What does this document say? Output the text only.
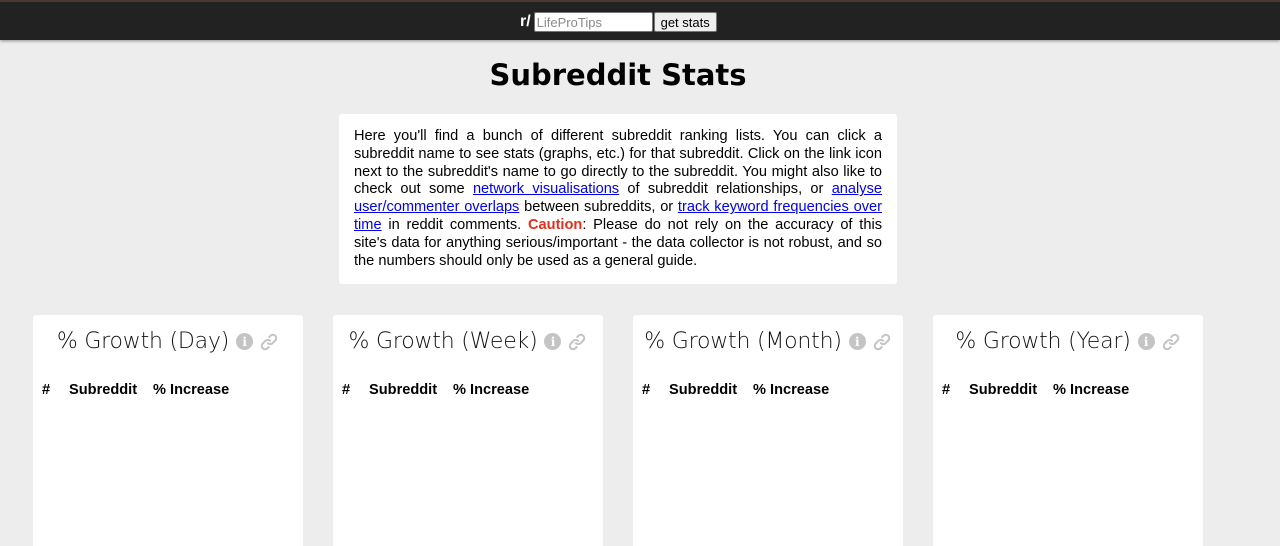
r/
LifeProTips	get stats
Subreddit Stats
Here you'll find a bunch of different subreddit ranking lists. You can click a subreddit name to see stats (graphs, etc.) for that subreddit. Click on the link icon next to the subreddit's name to go directly to the subreddit. You might also like to check out some network visualisations of subreddit relationships, or analyse user/commenter overlaps between subreddits, or track keyword frequencies over time in reddit comments. Caution: Please do not rely on the accuracy of this site's data for anything serious/important - the data collector is not robust, and so the numbers should only be used as a general guide.
% Growth (Day)	i
# Subreddit % Increase
% Growth (Week)	i
# Subreddit % Increase
% Growth (Month)	i
# Subreddit % Increase
% Growth (Year)	i
# Subreddit % Increase
